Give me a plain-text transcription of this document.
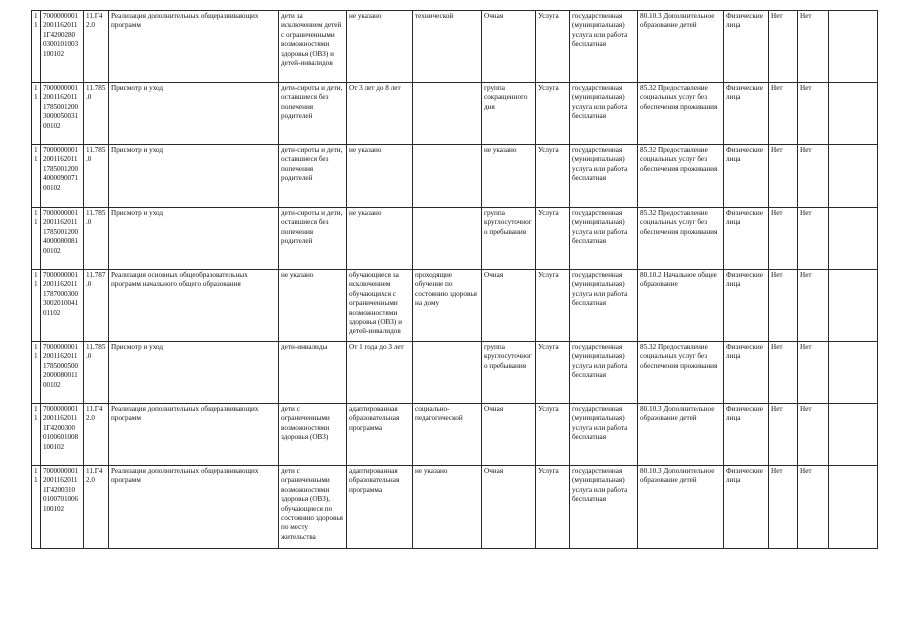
11	7000000001 2001162011 1Г4200280 0300101003 100102	11.Г42.0	Реализация дополнительных общеразвивающих программ	дети за исключением детей с ограниченными возможностями здоровья (ОВЗ) и детей-инвалидов	не указано	технической	Очная	Услуга	государственная (муниципальная) услуга или работа бесплатная	80.10.3 Дополнительное образование детей	Физические лица	Нет	Нет	
11	7000000001 2001162011 1785001200 3000050031 00102	11.785.0	Присмотр и уход	дети-сироты и дети, оставшиеся без попечения родителей	От 3 лет до 8 лет		группа сокращенного дня	Услуга	государственная (муниципальная) услуга или работа бесплатная	85.32 Предоставление социальных услуг без обеспечения проживания	Физические лица	Нет	Нет	
11	7000000001 2001162011 1785001200 4000090071 00102	11.785.0	Присмотр и уход	дети-сироты и дети, оставшиеся без попечения родителей	не указано		не указано	Услуга	государственная (муниципальная) услуга или работа бесплатная	85.32 Предоставление социальных услуг без обеспечения проживания	Физические лица	Нет	Нет	
11	7000000001 2001162011 1785001200 4000080081 00102	11.785.0	Присмотр и уход	дети-сироты и дети, оставшиеся без попечения родителей	не указано		группа круглосуточного пребывания	Услуга	государственная (муниципальная) услуга или работа бесплатная	85.32 Предоставление социальных услуг без обеспечения проживания	Физические лица	Нет	Нет	
11	7000000001 2001162011 1787000300 3002010041 01102	11.787.0	Реализация основных общеобразовательных программ начального общего образования	не указано	обучающиеся за исключением обучающихся с ограниченными возможностями здоровья (ОВЗ) и детей-инвалидов	проходящие обучение по состоянию здоровья на дому	Очная	Услуга	государственная (муниципальная) услуга или работа бесплатная	80.10.2 Начальное общее образование	Физические лица	Нет	Нет	
11	7000000001 2001162011 1785000500 2000080011 00102	11.785.0	Присмотр и уход	дети-инвалиды	От 1 года до 3 лет		группа круглосуточного пребывания	Услуга	государственная (муниципальная) услуга или работа бесплатная	85.32 Предоставление социальных услуг без обеспечения проживания	Физические лица	Нет	Нет	
11	7000000001 2001162011 1Г4200300 0100601008 100102	11.Г42.0	Реализация дополнительных общеразвивающих программ	дети с ограниченными возможностями здоровья (ОВЗ)	адаптированная образовательная программа	социально-педагогической	Очная	Услуга	государственная (муниципальная) услуга или работа бесплатная	80.10.3 Дополнительное образование детей	Физические лица	Нет	Нет	
11	7000000001 2001162011 1Г4200310 0100701006 100102	11.Г42.0	Реализация дополнительных общеразвивающих программ	дети с ограниченными возможностями здоровья (ОВЗ), обучающиеся по состоянию здоровья по месту жительства	адаптированная образовательная программа	не указано	Очная	Услуга	государственная (муниципальная) услуга или работа бесплатная	80.10.3 Дополнительное образование детей	Физические лица	Нет	Нет	
